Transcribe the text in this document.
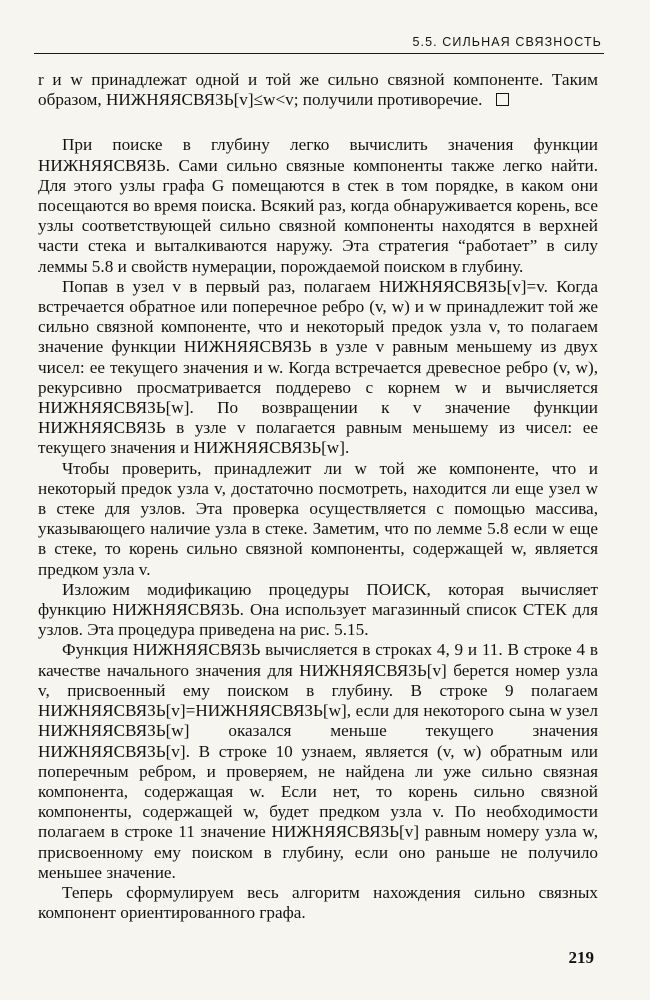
5.5. СИЛЬНАЯ СВЯЗНОСТЬ

r и w принадлежат одной и той же сильно связной компоненте. Таким образом, НИЖНЯЯСВЯЗЬ[v]≤w<v; получили противоречие.

При поиске в глубину легко вычислить значения функции НИЖНЯЯСВЯЗЬ. Сами сильно связные компоненты также легко найти. Для этого узлы графа G помещаются в стек в том порядке, в каком они посещаются во время поиска. Всякий раз, когда обнаруживается корень, все узлы соответствующей сильно связной компоненты находятся в верхней части стека и выталкиваются наружу. Эта стратегия “работает” в силу леммы 5.8 и свойств нумерации, порождаемой поиском в глубину.

Попав в узел v в первый раз, полагаем НИЖНЯЯСВЯЗЬ[v]=v. Когда встречается обратное или поперечное ребро (v, w) и w принадлежит той же сильно связной компоненте, что и некоторый предок узла v, то полагаем значение функции НИЖНЯЯСВЯЗЬ в узле v равным меньшему из двух чисел: ее текущего значения и w. Когда встречается древесное ребро (v, w), рекурсивно просматривается поддерево с корнем w и вычисляется НИЖНЯЯСВЯЗЬ[w]. По возвращении к v значение функции НИЖНЯЯСВЯЗЬ в узле v полагается равным меньшему из чисел: ее текущего значения и НИЖНЯЯСВЯЗЬ[w].

Чтобы проверить, принадлежит ли w той же компоненте, что и некоторый предок узла v, достаточно посмотреть, находится ли еще узел w в стеке для узлов. Эта проверка осуществляется с помощью массива, указывающего наличие узла в стеке. Заметим, что по лемме 5.8 если w еще в стеке, то корень сильно связной компоненты, содержащей w, является предком узла v.

Изложим модификацию процедуры ПОИСК, которая вычисляет функцию НИЖНЯЯСВЯЗЬ. Она использует магазинный список СТЕК для узлов. Эта процедура приведена на рис. 5.15.

Функция НИЖНЯЯСВЯЗЬ вычисляется в строках 4, 9 и 11. В строке 4 в качестве начального значения для НИЖНЯЯСВЯЗЬ[v] берется номер узла v, присвоенный ему поиском в глубину. В строке 9 полагаем НИЖНЯЯСВЯЗЬ[v]=НИЖНЯЯСВЯЗЬ[w], если для некоторого сына w узел НИЖНЯЯСВЯЗЬ[w] оказался меньше текущего значения НИЖНЯЯСВЯЗЬ[v]. В строке 10 узнаем, является (v, w) обратным или поперечным ребром, и проверяем, не найдена ли уже сильно связная компонента, содержащая w. Если нет, то корень сильно связной компоненты, содержащей w, будет предком узла v. По необходимости полагаем в строке 11 значение НИЖНЯЯСВЯЗЬ[v] равным номеру узла w, присвоенному ему поиском в глубину, если оно раньше не получило меньшее значение.

Теперь сформулируем весь алгоритм нахождения сильно связных компонент ориентированного графа.

219
